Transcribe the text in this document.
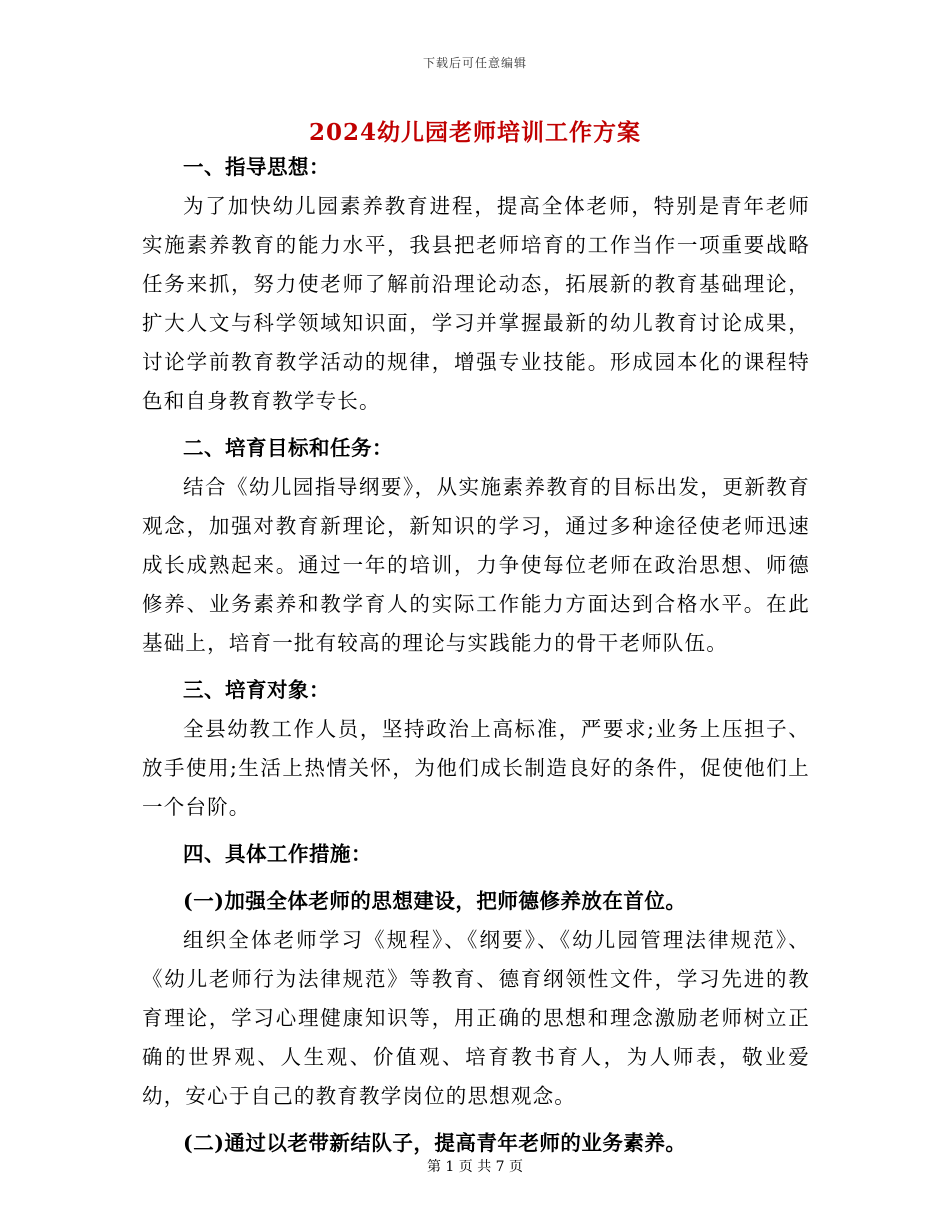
下载后可任意编辑
2024幼儿园老师培训工作方案

一、指导思想：

为了加快幼儿园素养教育进程，提高全体老师，特别是青年老师实施素养教育的能力水平，我县把老师培育的工作当作一项重要战略任务来抓，努力使老师了解前沿理论动态，拓展新的教育基础理论，扩大人文与科学领域知识面，学习并掌握最新的幼儿教育讨论成果，讨论学前教育教学活动的规律，增强专业技能。形成园本化的课程特色和自身教育教学专长。

二、培育目标和任务：

结合《幼儿园指导纲要》，从实施素养教育的目标出发，更新教育观念，加强对教育新理论，新知识的学习，通过多种途径使老师迅速成长成熟起来。通过一年的培训，力争使每位老师在政治思想、师德修养、业务素养和教学育人的实际工作能力方面达到合格水平。在此基础上，培育一批有较高的理论与实践能力的骨干老师队伍。

三、培育对象：

全县幼教工作人员，坚持政治上高标准，严要求;业务上压担子、放手使用;生活上热情关怀，为他们成长制造良好的条件，促使他们上一个台阶。

四、具体工作措施：

(一)加强全体老师的思想建设，把师德修养放在首位。

组织全体老师学习《规程》、《纲要》、《幼儿园管理法律规范》、《幼儿老师行为法律规范》等教育、德育纲领性文件，学习先进的教育理论，学习心理健康知识等，用正确的思想和理念激励老师树立正确的世界观、人生观、价值观、培育教书育人，为人师表，敬业爱幼，安心于自己的教育教学岗位的思想观念。

(二)通过以老带新结队子，提高青年老师的业务素养。

第 1 页 共 7 页
